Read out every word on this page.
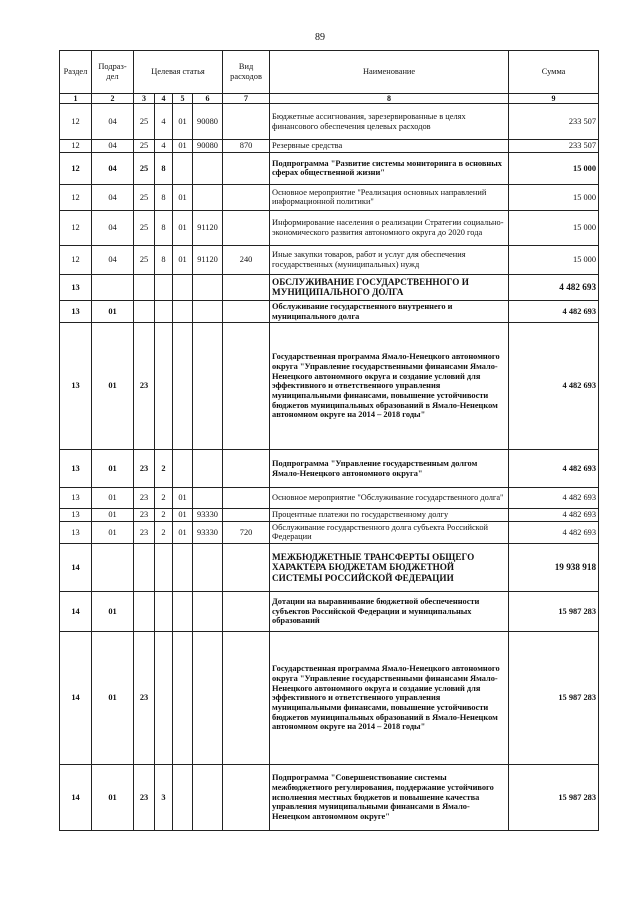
89
Раздел	Подраз-дел	Целевая статья				Вид расходов	Наименование	Сумма
1	2	3	4	5	6	7	8	9
12	04	25	4	01	90080		Бюджетные ассигнования, зарезервированные в целях финансового обеспечения целевых расходов	233 507
12	04	25	4	01	90080	870	Резервные средства	233 507
12	04	25	8				Подпрограмма "Развитие системы мониторинга в основных сферах общественной жизни"	15 000
12	04	25	8	01			Основное мероприятие "Реализация основных направлений информационной политики"	15 000
12	04	25	8	01	91120		Информирование населения о реализации Стратегии социально-экономического развития автономного округа до 2020 года	15 000
12	04	25	8	01	91120	240	Иные закупки товаров, работ и услуг для обеспечения государственных (муниципальных) нужд	15 000
13							ОБСЛУЖИВАНИЕ ГОСУДАРСТВЕННОГО И МУНИЦИПАЛЬНОГО ДОЛГА	4 482 693
13	01						Обслуживание государственного внутреннего и муниципального долга	4 482 693
13	01	23					Государственная программа Ямало-Ненецкого автономного округа "Управление государственными финансами Ямало-Ненецкого автономного округа и создание условий для эффективного и ответственного управления муниципальными финансами, повышение устойчивости бюджетов муниципальных образований в Ямало-Ненецком автономном округе на 2014 – 2018 годы"	4 482 693
13	01	23	2				Подпрограмма "Управление государственным долгом Ямало-Ненецкого автономного округа"	4 482 693
13	01	23	2	01			Основное мероприятие "Обслуживание государственного долга"	4 482 693
13	01	23	2	01	93330		Процентные платежи по государственному долгу	4 482 693
13	01	23	2	01	93330	720	Обслуживание государственного долга субъекта Российской Федерации	4 482 693
14							МЕЖБЮДЖЕТНЫЕ ТРАНСФЕРТЫ ОБЩЕГО ХАРАКТЕРА БЮДЖЕТАМ БЮДЖЕТНОЙ СИСТЕМЫ РОССИЙСКОЙ ФЕДЕРАЦИИ	19 938 918
14	01						Дотации на выравнивание бюджетной обеспеченности субъектов Российской Федерации и муниципальных образований	15 987 283
14	01	23					Государственная программа Ямало-Ненецкого автономного округа "Управление государственными финансами Ямало-Ненецкого автономного округа и создание условий для эффективного и ответственного управления муниципальными финансами, повышение устойчивости бюджетов муниципальных образований в Ямало-Ненецком автономном округе на 2014 – 2018 годы"	15 987 283
14	01	23	3				Подпрограмма "Совершенствование системы межбюджетного регулирования, поддержание устойчивого исполнения местных бюджетов и повышение качества управления муниципальными финансами в Ямало-Ненецком автономном округе"	15 987 283
